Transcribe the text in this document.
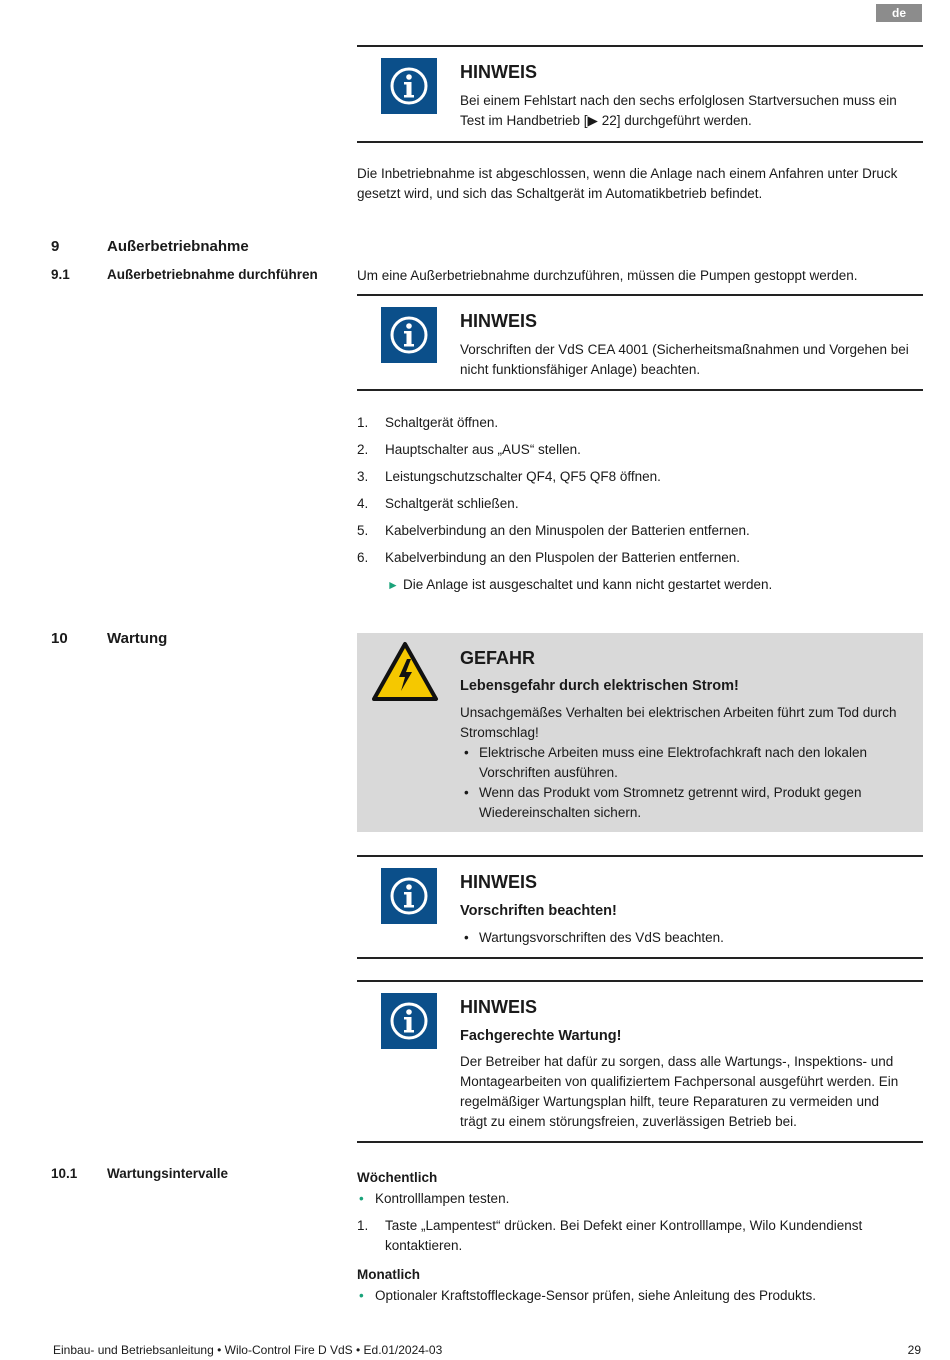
de
HINWEIS
Bei einem Fehlstart nach den sechs erfolglosen Startversuchen muss ein Test im Handbetrieb [▶ 22] durchgeführt werden.
Die Inbetriebnahme ist abgeschlossen, wenn die Anlage nach einem Anfahren unter Druck gesetzt wird, und sich das Schaltgerät im Automatikbetrieb befindet.
9	Außerbetriebnahme
9.1	Außerbetriebnahme durchführen	Um eine Außerbetriebnahme durchzuführen, müssen die Pumpen gestoppt werden.
HINWEIS
Vorschriften der VdS CEA 4001 (Sicherheitsmaßnahmen und Vorgehen bei nicht funktionsfähiger Anlage) beachten.
1. Schaltgerät öffnen.
2. Hauptschalter aus „AUS“ stellen.
3. Leistungschutzschalter QF4, QF5 QF8 öffnen.
4. Schaltgerät schließen.
5. Kabelverbindung an den Minuspolen der Batterien entfernen.
6. Kabelverbindung an den Pluspolen der Batterien entfernen.
► Die Anlage ist ausgeschaltet und kann nicht gestartet werden.
10	Wartung
GEFAHR
Lebensgefahr durch elektrischen Strom!
Unsachgemäßes Verhalten bei elektrischen Arbeiten führt zum Tod durch Stromschlag!
• Elektrische Arbeiten muss eine Elektrofachkraft nach den lokalen Vorschriften ausführen.
• Wenn das Produkt vom Stromnetz getrennt wird, Produkt gegen Wiedereinschalten sichern.
HINWEIS
Vorschriften beachten!
• Wartungsvorschriften des VdS beachten.
HINWEIS
Fachgerechte Wartung!
Der Betreiber hat dafür zu sorgen, dass alle Wartungs-, Inspektions- und Montagearbeiten von qualifiziertem Fachpersonal ausgeführt werden. Ein regelmäßiger Wartungsplan hilft, teure Reparaturen zu vermeiden und trägt zu einem störungsfreien, zuverlässigen Betrieb bei.
10.1 Wartungsintervalle	Wöchentlich
• Kontrolllampen testen.
1. Taste „Lampentest“ drücken. Bei Defekt einer Kontrolllampe, Wilo Kundendienst kontaktieren.
Monatlich
• Optionaler Kraftstoffleckage-Sensor prüfen, siehe Anleitung des Produkts.
Einbau- und Betriebsanleitung • Wilo-Control Fire D VdS • Ed.01/2024-03	29
